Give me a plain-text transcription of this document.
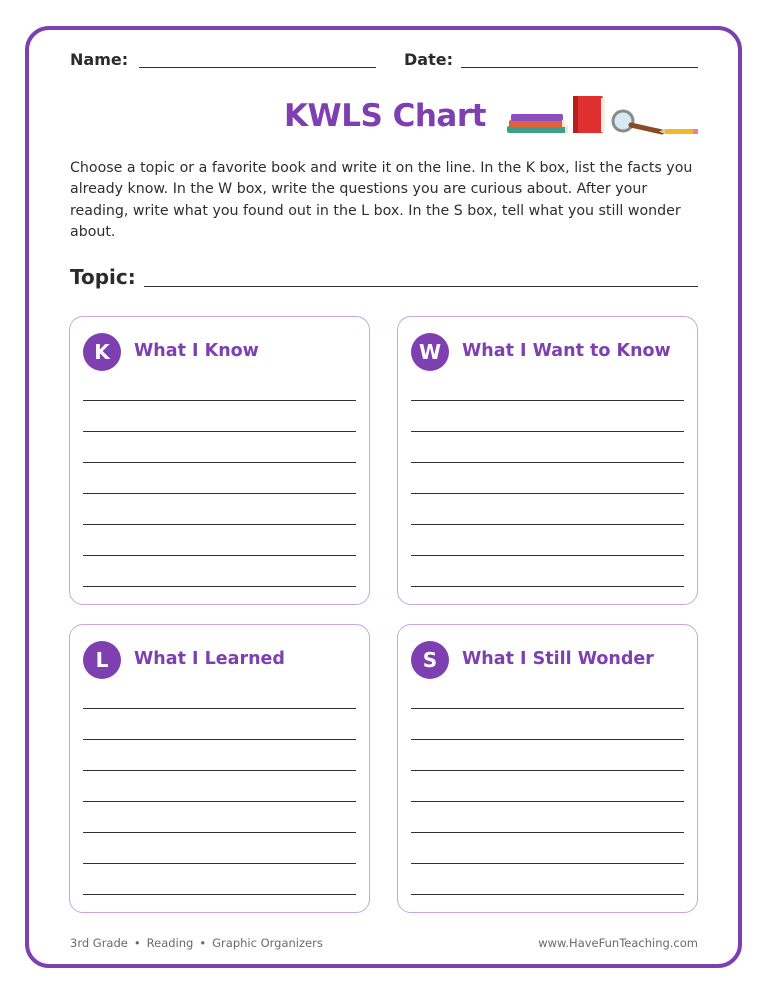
Name:	Date:
KWLS Chart

Choose a topic or a favorite book and write it on the line. In the K box, list the facts you already know. In the W box, write the questions you are curious about. After your reading, write what you found out in the L box. In the S box, tell what you still wonder about.

Topic:
K	What I Know	W	What I Want to Know
L	What I Learned	S	What I Still Wonder
3rd Grade • Reading • Graphic Organizers	www.HaveFunTeaching.com
